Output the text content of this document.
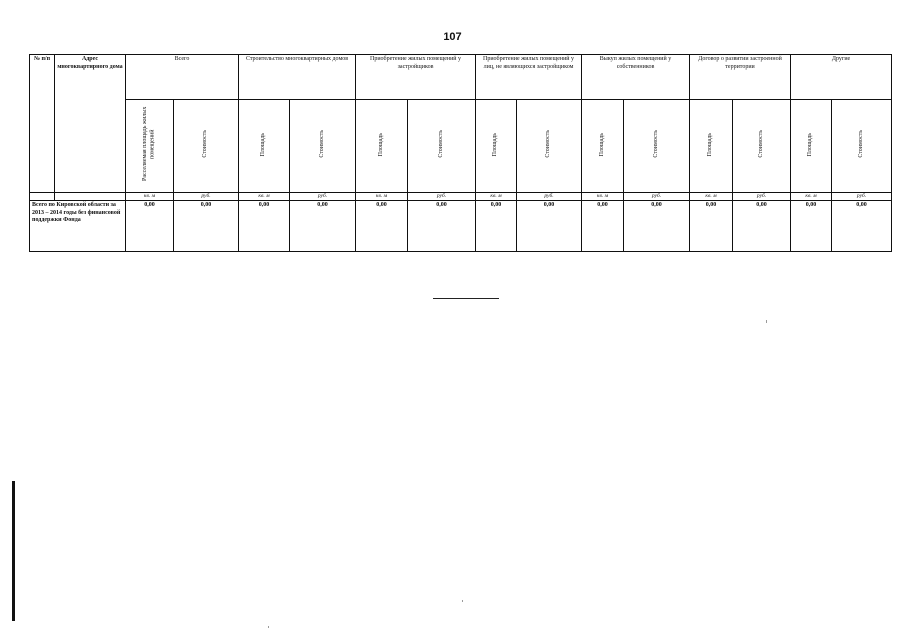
107
№ п/п	Адрес многоквартирного дома	Всего		Строительство многоквартирных домов		Приобретение жилых помещений у застройщиков		Приобретение жилых помещений у лиц, не являющихся застройщиком		Выкуп жилых помещений у собственников		Договор о развитии застроенной территории		Другие	
		Расселяемая площадь жилых помещений	Стоимость	Площадь	Стоимость	Площадь	Стоимость	Площадь	Стоимость	Площадь	Стоимость	Площадь	Стоимость	Площадь	Стоимость
		кв. м	руб.	кв. м	руб.	кв. м	руб.	кв. м	руб.	кв. м	руб.	кв. м	руб.	кв. м	руб.
Всего по Кировской области за 2013 – 2014 годы без финансовой поддержки Фонда		0,00	0,00	0,00	0,00	0,00	0,00	0,00	0,00	0,00	0,00	0,00	0,00	0,00	0,00
